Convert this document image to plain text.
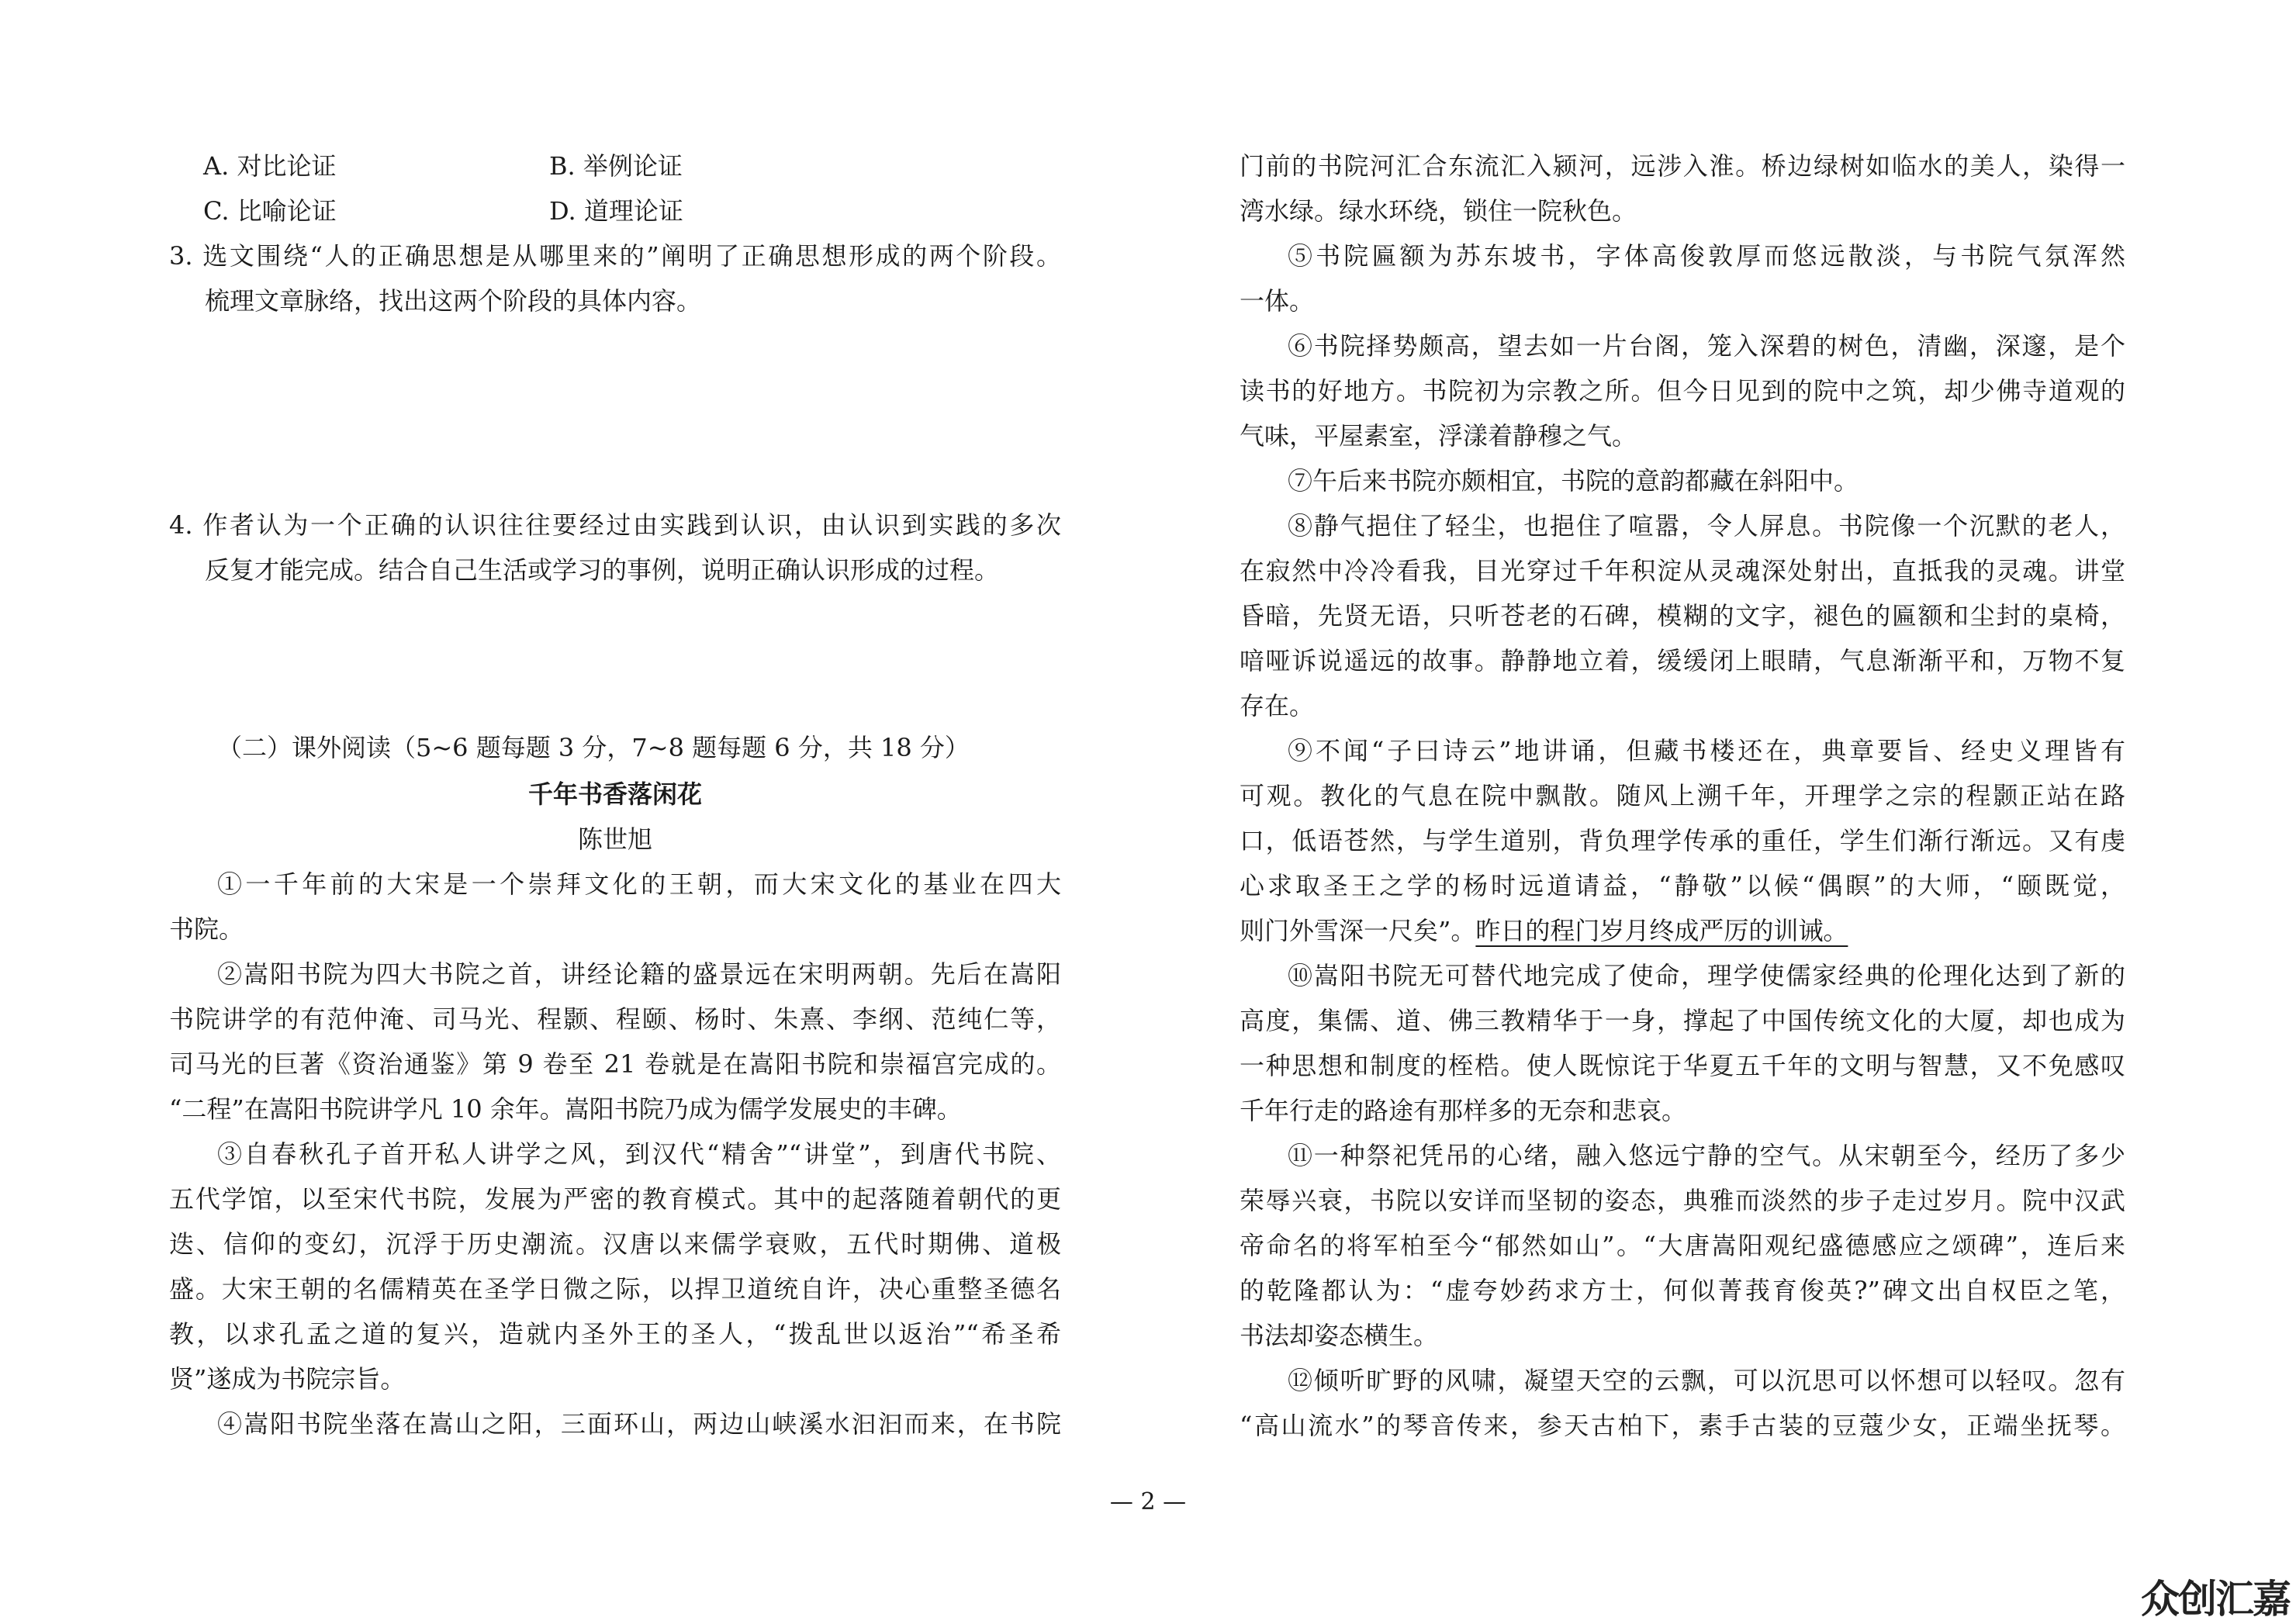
A. 对比论证	B. 举例论证
C. 比喻论证	D. 道理论证
3. 选文围绕“人的正确思想是从哪里来的”阐明了正确思想形成的两个阶段。
梳理文章脉络，找出这两个阶段的具体内容。
4. 作者认为一个正确的认识往往要经过由实践到认识，由认识到实践的多次
反复才能完成。结合自己生活或学习的事例，说明正确认识形成的过程。
（二）课外阅读（5~6 题每题 3 分，7~8 题每题 6 分，共 18 分）
千年书香落闲花
陈世旭
①一千年前的大宋是一个崇拜文化的王朝，而大宋文化的基业在四大
书院。
②嵩阳书院为四大书院之首，讲经论籍的盛景远在宋明两朝。先后在嵩阳
书院讲学的有范仲淹、司马光、程颢、程颐、杨时、朱熹、李纲、范纯仁等，
司马光的巨著《资治通鉴》第 9 卷至 21 卷就是在嵩阳书院和崇福宫完成的。
“二程”在嵩阳书院讲学凡 10 余年。嵩阳书院乃成为儒学发展史的丰碑。
③自春秋孔子首开私人讲学之风，到汉代“精舍”“讲堂”，到唐代书院、
五代学馆，以至宋代书院，发展为严密的教育模式。其中的起落随着朝代的更
迭、信仰的变幻，沉浮于历史潮流。汉唐以来儒学衰败，五代时期佛、道极
盛。大宋王朝的名儒精英在圣学日微之际，以捍卫道统自许，决心重整圣德名
教，以求孔孟之道的复兴，造就内圣外王的圣人，“拨乱世以返治”“希圣希
贤”遂成为书院宗旨。
④嵩阳书院坐落在嵩山之阳，三面环山，两边山峡溪水汩汩而来，在书院
门前的书院河汇合东流汇入颍河，远涉入淮。桥边绿树如临水的美人，染得一
湾水绿。绿水环绕，锁住一院秋色。
⑤书院匾额为苏东坡书，字体高俊敦厚而悠远散淡，与书院气氛浑然
一体。
⑥书院择势颇高，望去如一片台阁，笼入深碧的树色，清幽，深邃，是个
读书的好地方。书院初为宗教之所。但今日见到的院中之筑，却少佛寺道观的
气味，平屋素室，浮漾着静穆之气。
⑦午后来书院亦颇相宜，书院的意韵都藏在斜阳中。
⑧静气挹住了轻尘，也挹住了喧嚣，令人屏息。书院像一个沉默的老人，
在寂然中冷冷看我，目光穿过千年积淀从灵魂深处射出，直抵我的灵魂。讲堂
昏暗，先贤无语，只听苍老的石碑，模糊的文字，褪色的匾额和尘封的桌椅，
喑哑诉说遥远的故事。静静地立着，缓缓闭上眼睛，气息渐渐平和，万物不复
存在。
⑨不闻“子曰诗云”地讲诵，但藏书楼还在，典章要旨、经史义理皆有
可观。教化的气息在院中飘散。随风上溯千年，开理学之宗的程颢正站在路
口，低语苍然，与学生道别，背负理学传承的重任，学生们渐行渐远。又有虔
心求取圣王之学的杨时远道请益，“静敬”以候“偶瞑”的大师，“颐既觉，
则门外雪深一尺矣”。昨日的程门岁月终成严厉的训诫。
⑩嵩阳书院无可替代地完成了使命，理学使儒家经典的伦理化达到了新的
高度，集儒、道、佛三教精华于一身，撑起了中国传统文化的大厦，却也成为
一种思想和制度的桎梏。使人既惊诧于华夏五千年的文明与智慧，又不免感叹
千年行走的路途有那样多的无奈和悲哀。
⑪一种祭祀凭吊的心绪，融入悠远宁静的空气。从宋朝至今，经历了多少
荣辱兴衰，书院以安详而坚韧的姿态，典雅而淡然的步子走过岁月。院中汉武
帝命名的将军柏至今“郁然如山”。“大唐嵩阳观纪盛德感应之颂碑”，连后来
的乾隆都认为：“虚夸妙药求方士，何似菁莪育俊英?”碑文出自权臣之笔，
书法却姿态横生。
⑫倾听旷野的风啸，凝望天空的云飘，可以沉思可以怀想可以轻叹。忽有
“高山流水”的琴音传来，参天古柏下，素手古装的豆蔻少女，正端坐抚琴。
— 2 —
众创汇嘉
